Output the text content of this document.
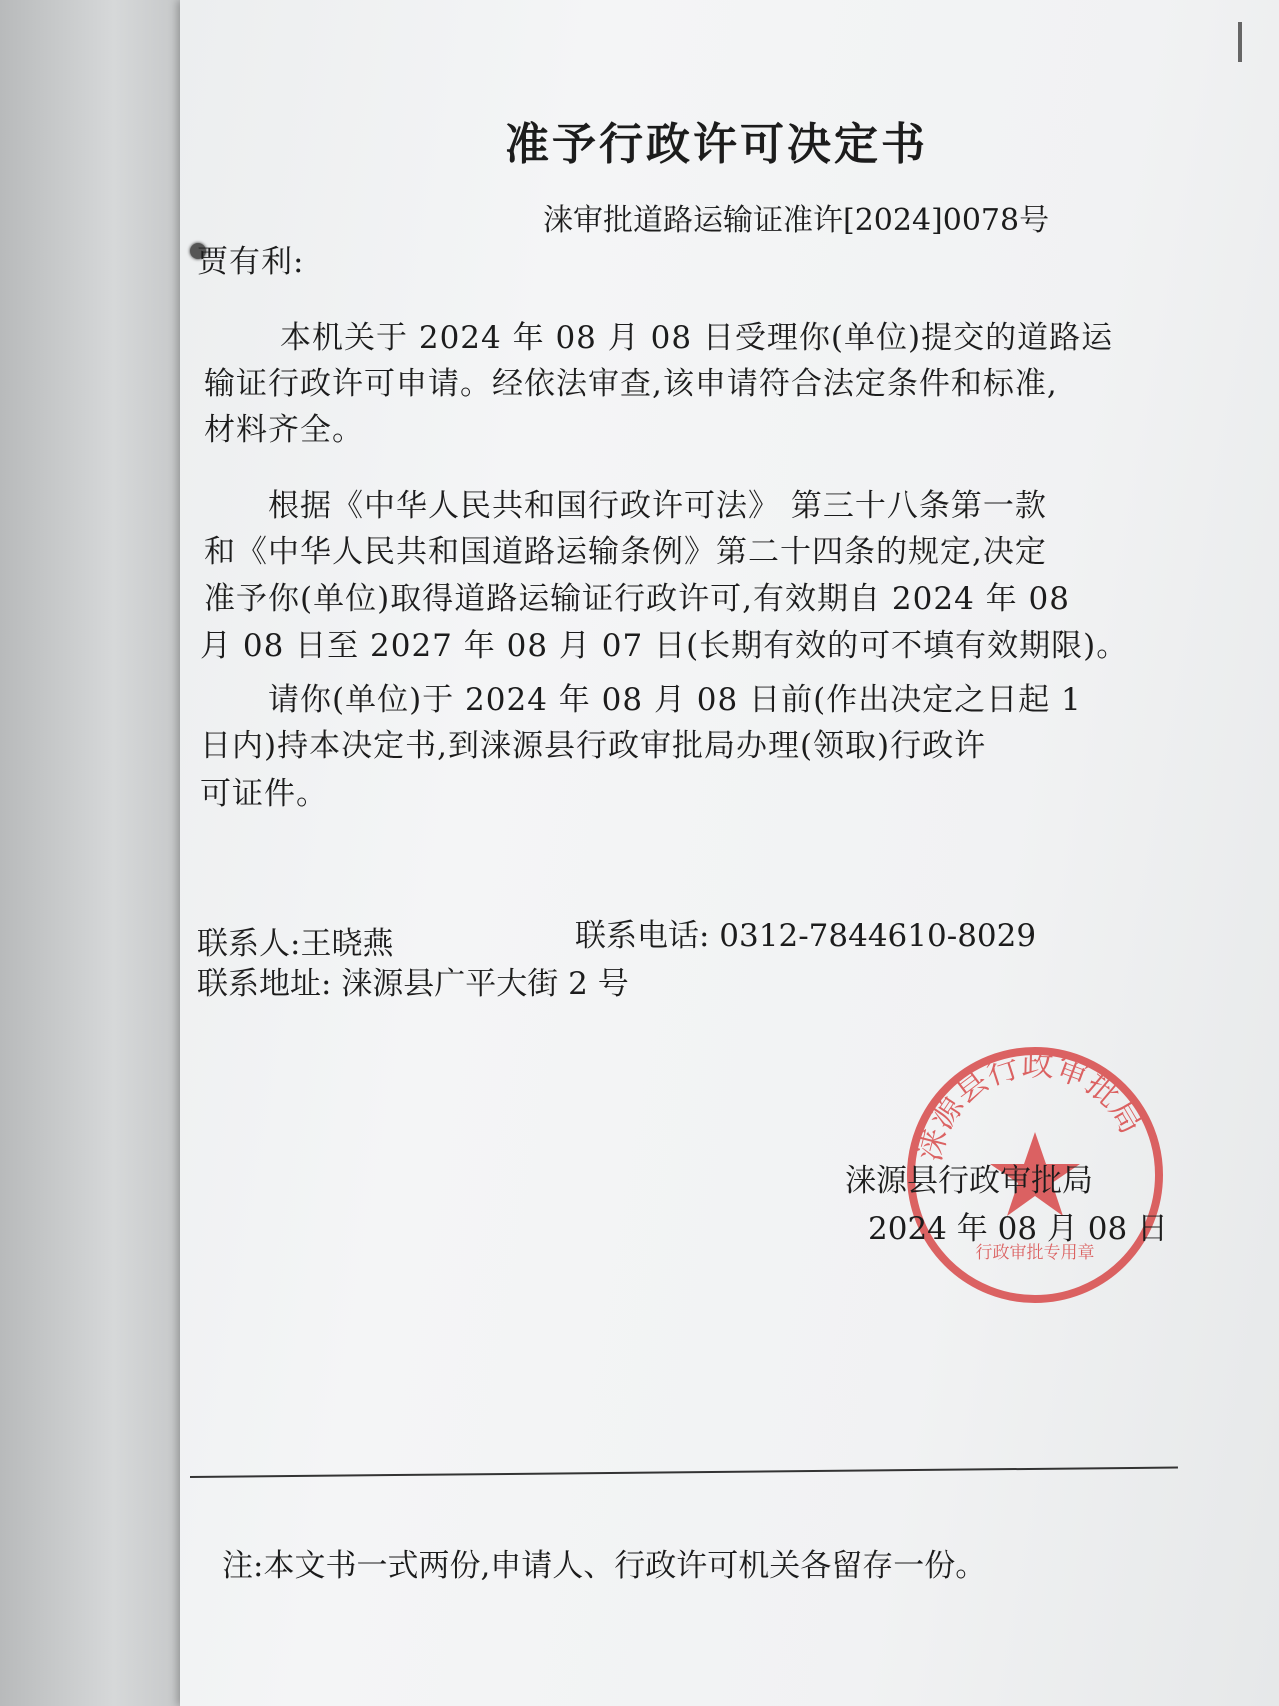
准予行政许可决定书
涞审批道路运输证准许[2024]0078号
贾有利:
本机关于 2024 年 08 月 08 日受理你(单位)提交的道路运
输证行政许可申请。经依法审查,该申请符合法定条件和标准,
材料齐全。
根据《中华人民共和国行政许可法》 第三十八条第一款
和《中华人民共和国道路运输条例》第二十四条的规定,决定
准予你(单位)取得道路运输证行政许可,有效期自 2024 年 08
月 08 日至 2027 年 08 月 07 日(长期有效的可不填有效期限)。
请你(单位)于 2024 年 08 月 08 日前(作出决定之日起 1
日内)持本决定书,到涞源县行政审批局办理(领取)行政许
可证件。
联系人:王晓燕	联系电话: 0312-7844610-8029
联系地址: 涞源县广平大街 2 号
涞源县行政审批局
行政审批专用章
涞源县行政审批局
2024 年 08 月 08 日
注:本文书一式两份,申请人、行政许可机关各留存一份。
